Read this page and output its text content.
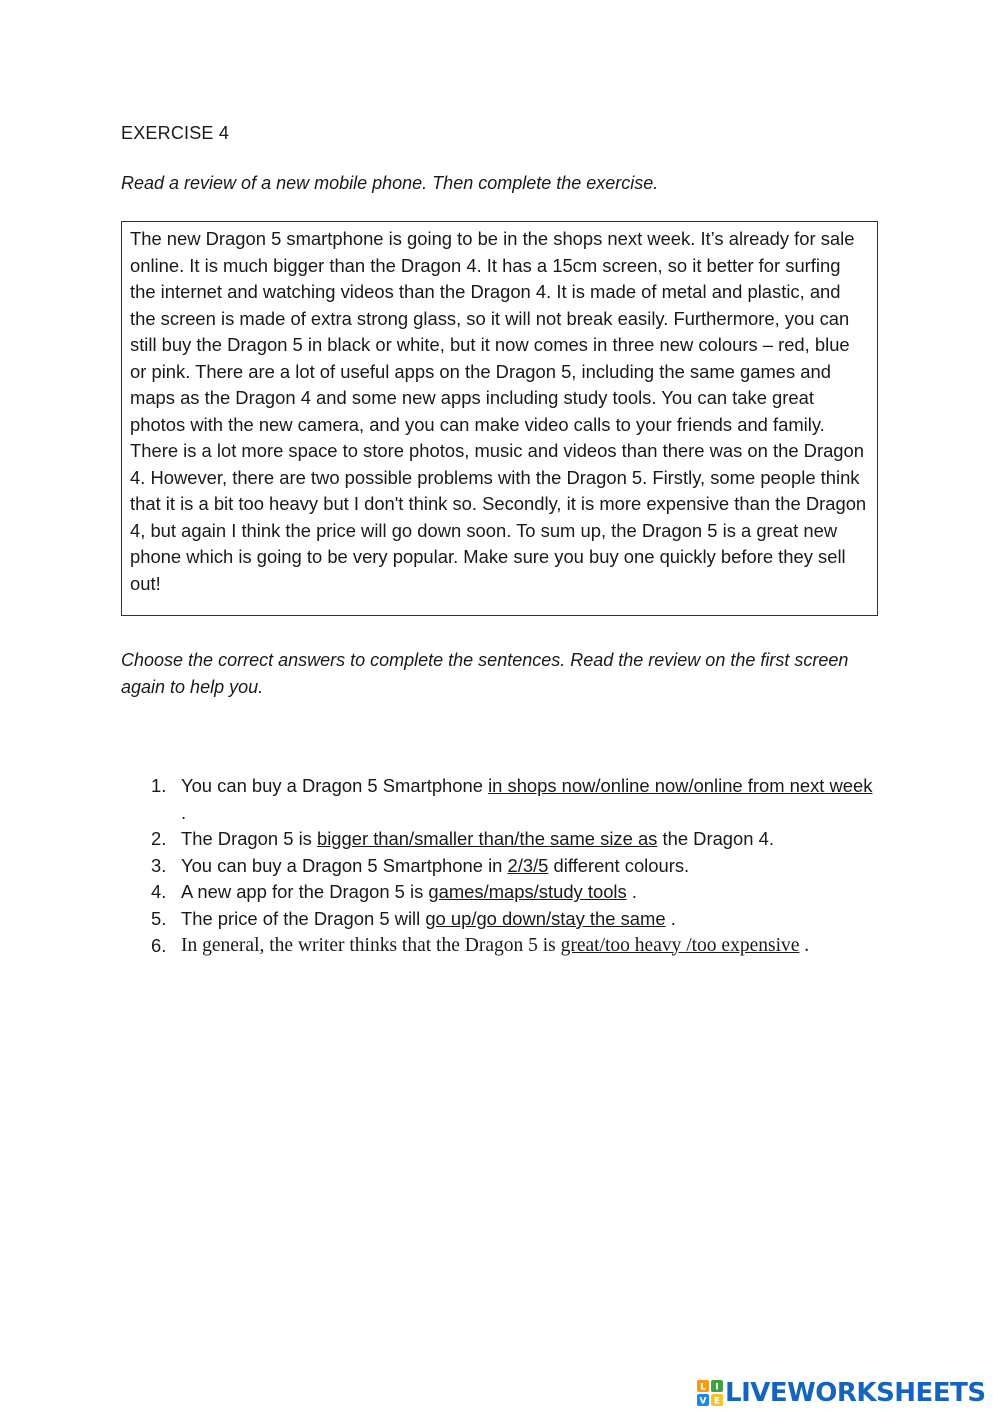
EXERCISE 4
Read a review of a new mobile phone. Then complete the exercise.

The new Dragon 5 smartphone is going to be in the shops next week. It’s already for sale online. It is much bigger than the Dragon 4. It has a 15cm screen, so it better for surfing the internet and watching videos than the Dragon 4. It is made of metal and plastic, and the screen is made of extra strong glass, so it will not break easily. Furthermore, you can still buy the Dragon 5 in black or white, but it now comes in three new colours – red, blue or pink. There are a lot of useful apps on the Dragon 5, including the same games and maps as the Dragon 4 and some new apps including study tools. You can take great photos with the new camera, and you can make video calls to your friends and family. There is a lot more space to store photos, music and videos than there was on the Dragon 4. However, there are two possible problems with the Dragon 5. Firstly, some people think that it is a bit too heavy but I don't think so. Secondly, it is more expensive than the Dragon 4, but again I think the price will go down soon. To sum up, the Dragon 5 is a great new phone which is going to be very popular. Make sure you buy one quickly before they sell out!

Choose the correct answers to complete the sentences. Read the review on the first screen again to help you.

1. You can buy a Dragon 5 Smartphone in shops now/online now/online from next week .
2. The Dragon 5 is bigger than/smaller than/the same size as the Dragon 4.
3. You can buy a Dragon 5 Smartphone in 2/3/5 different colours.
4. A new app for the Dragon 5 is games/maps/study tools .
5. The price of the Dragon 5 will go up/go down/stay the same .
6. In general, the writer thinks that the Dragon 5 is great/too heavy /too expensive .
L I
V E LIVEWORKSHEETS
